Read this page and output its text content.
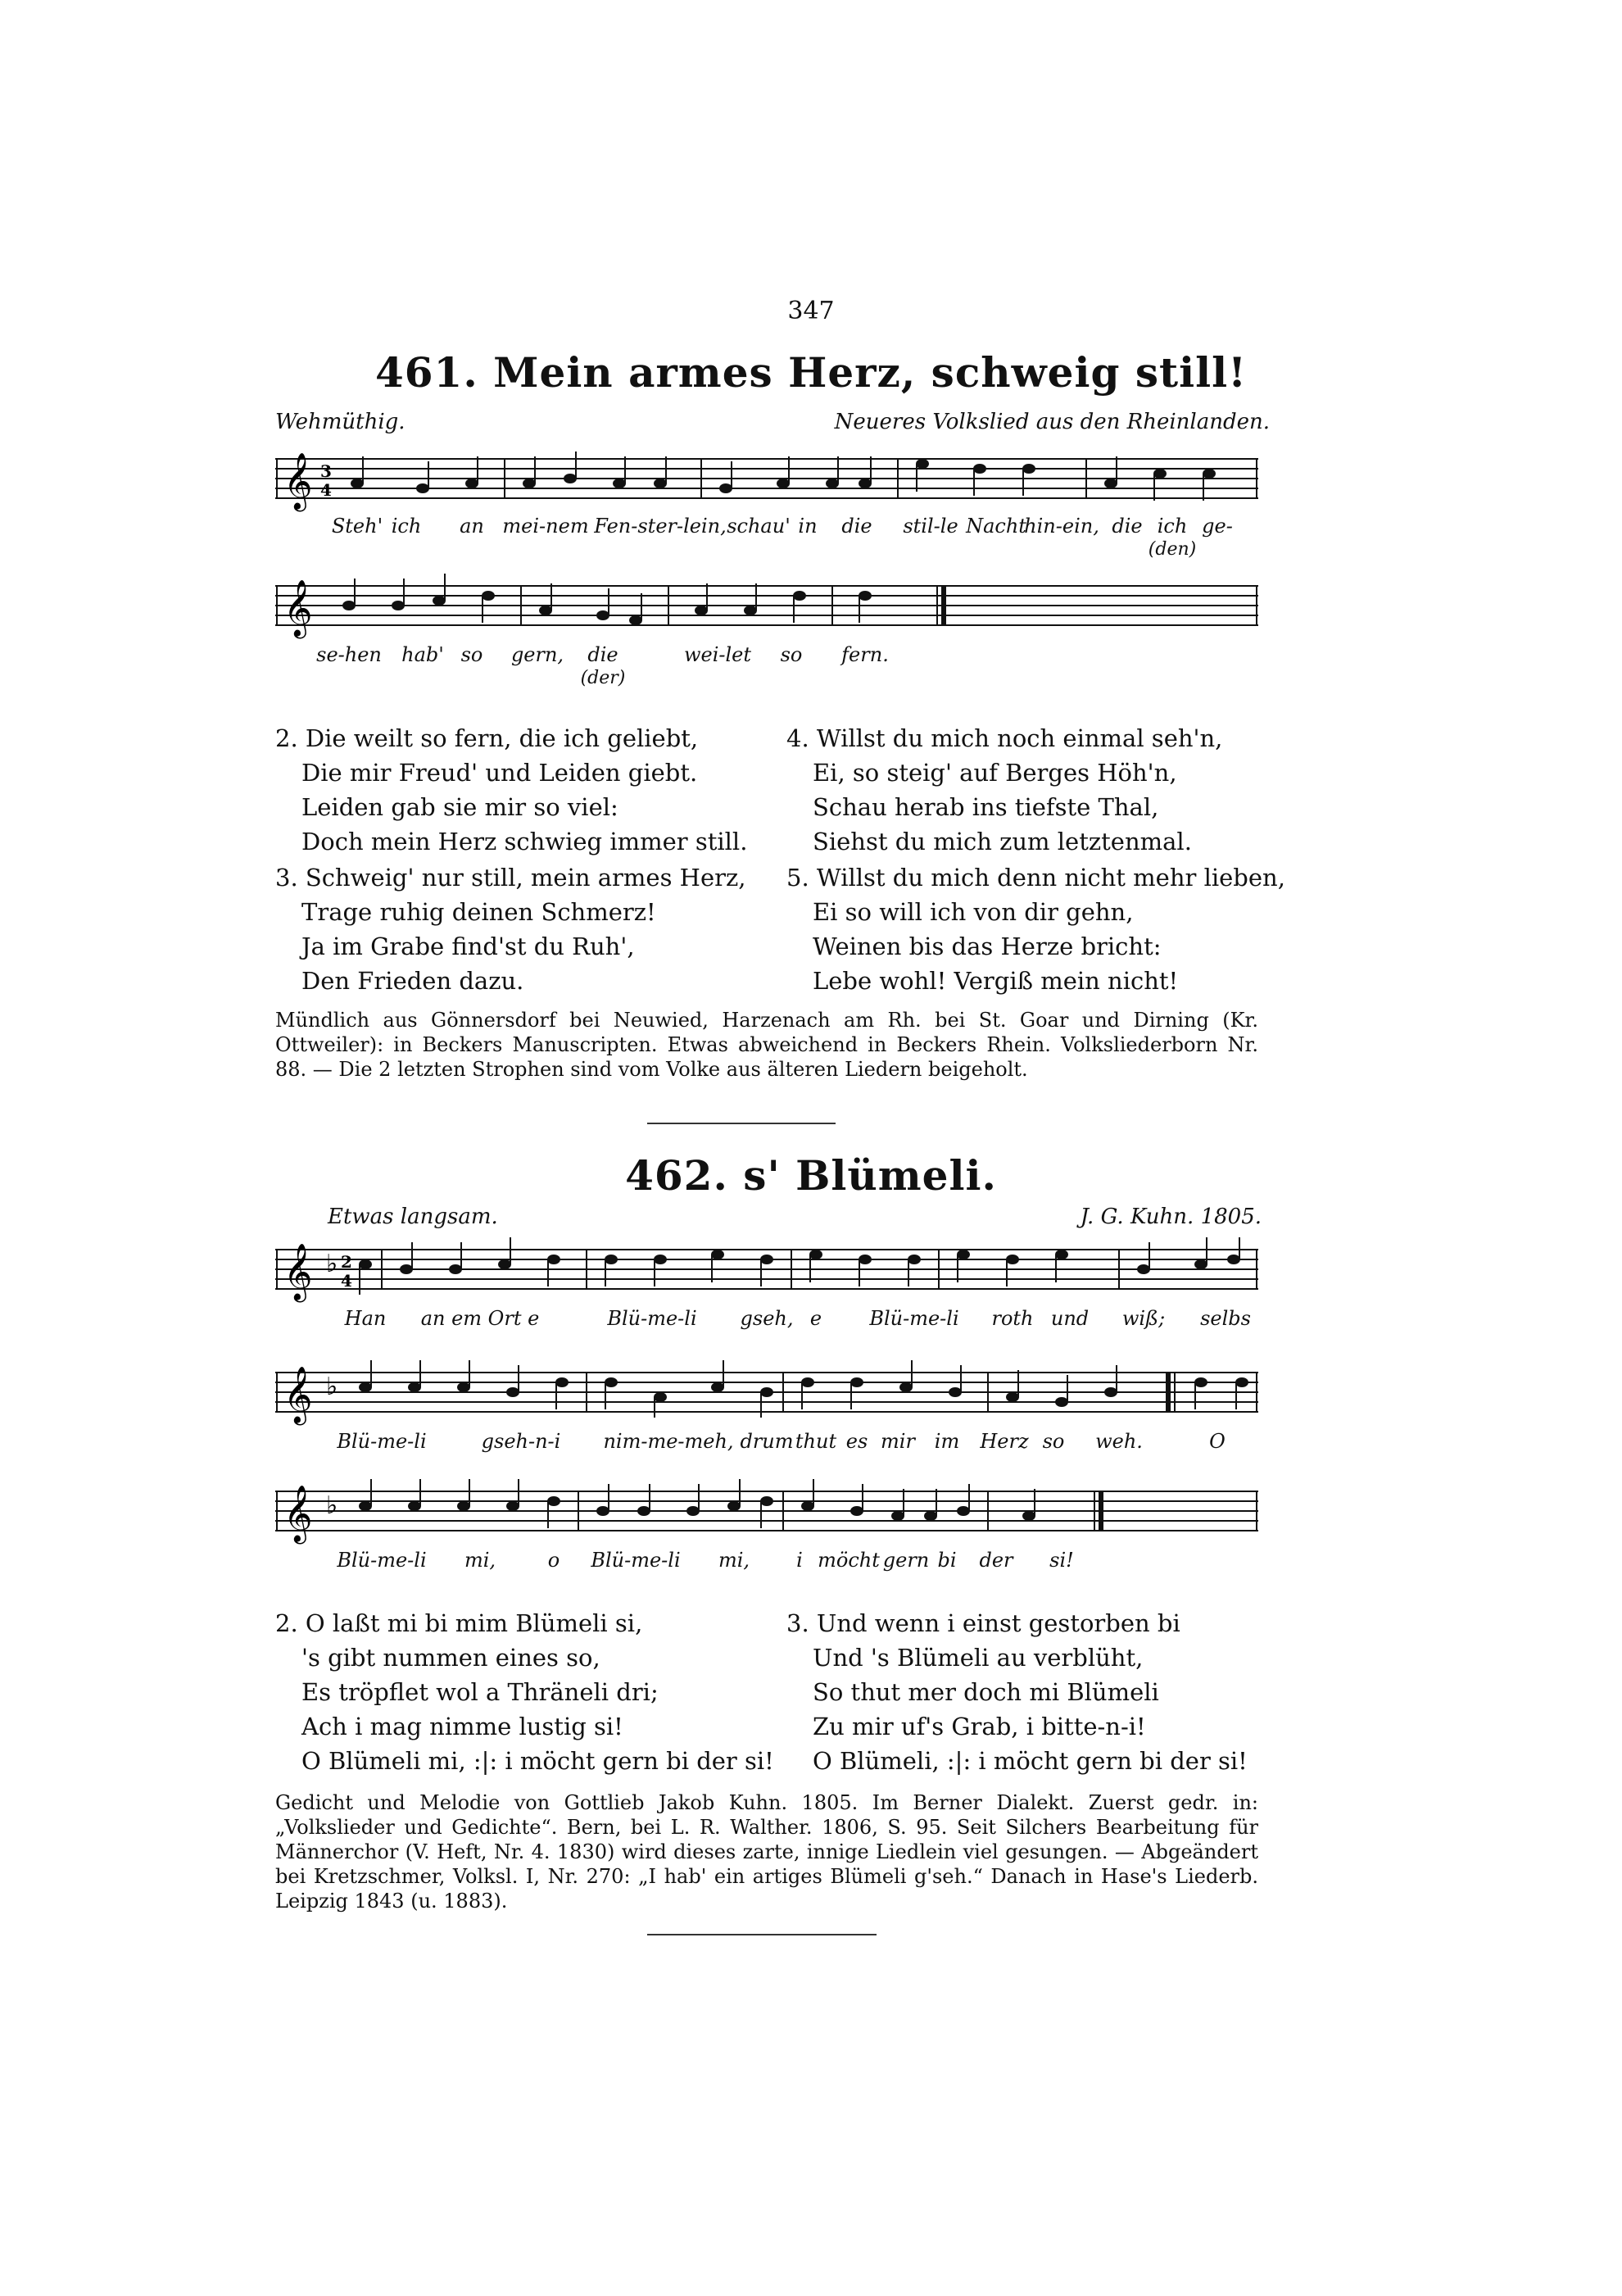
347
461. Mein armes Herz, schweig still!
Wehmüthig.	Neueres Volkslied aus den Rheinlanden.
𝄞 3
4
Steh' ich an mei-nem Fen-ster-lein, schau' in die stil-le Nacht
hin-ein, die ich ge-
(den)
𝄞
se-hen hab' so gern, die	wei-let so fern.
(der)
2. Die weilt so fern, die ich geliebt,
Die mir Freud' und Leiden giebt.
Leiden gab sie mir so viel:
Doch mein Herz schwieg immer still.
3. Schweig' nur still, mein armes Herz,
Trage ruhig deinen Schmerz!
Ja im Grabe find'st du Ruh',
Den Frieden dazu.
4. Willst du mich noch einmal seh'n,
Ei, so steig' auf Berges Höh'n,
Schau herab ins tiefste Thal,
Siehst du mich zum letztenmal.
5. Willst du mich denn nicht mehr lieben,
Ei so will ich von dir gehn,
Weinen bis das Herze bricht:
Lebe wohl! Vergiß mein nicht!
Mündlich aus Gönnersdorf bei Neuwied, Harzenach am Rh. bei St. Goar und Dirning (Kr. Ottweiler): in Beckers Manuscripten. Etwas abweichend in Beckers Rhein. Volksliederborn Nr. 88. — Die 2 letzten Strophen sind vom Volke aus älteren Liedern beigeholt.
462. s' Blümeli.
Etwas langsam.	J. G. Kuhn. 1805.
𝄞 ♭ 2
4
Han an em Ort e	Blü-me-li gseh, e Blü-me-li roth und wiß; selbs
𝄞 ♭
Blü-me-li	gseh-n-i nim-me-meh, drum thut es mir im Herz so weh.	O
𝄞 ♭
Blü-me-li mi,	o Blü-me-li mi, i möcht gern bi der si!
2. O laßt mi bi mim Blümeli si,
's gibt nummen eines so,
Es tröpflet wol a Thräneli dri;
Ach i mag nimme lustig si!
O Blümeli mi, :|: i möcht gern bi der si!
3. Und wenn i einst gestorben bi
Und 's Blümeli au verblüht,
So thut mer doch mi Blümeli
Zu mir uf's Grab, i bitte-n-i!
O Blümeli, :|: i möcht gern bi der si!
Gedicht und Melodie von Gottlieb Jakob Kuhn. 1805. Im Berner Dialekt. Zuerst gedr. in: „Volkslieder und Gedichte“. Bern, bei L. R. Walther. 1806, S. 95. Seit Silchers Bearbeitung für Männerchor (V. Heft, Nr. 4. 1830) wird dieses zarte, innige Liedlein viel gesungen. — Abgeändert bei Kretzschmer, Volksl. I, Nr. 270: „I hab' ein artiges Blümeli g'seh.“ Danach in Hase's Liederb. Leipzig 1843 (u. 1883).
